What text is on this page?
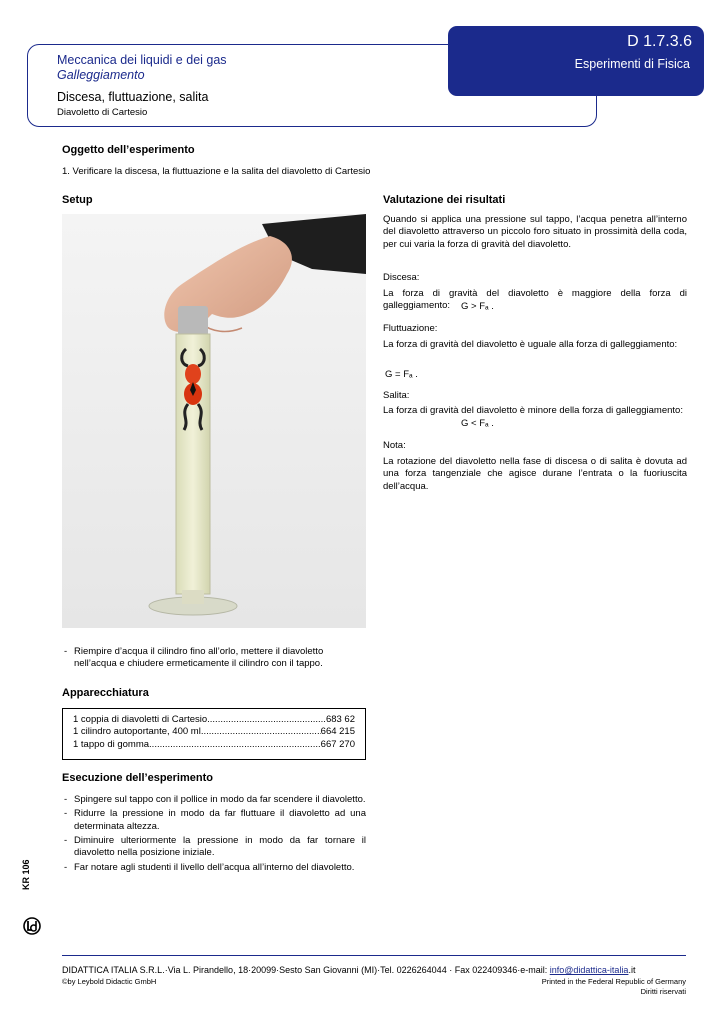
D 1.7.3.6
Esperimenti di Fisica
Meccanica dei liquidi e dei gas
Galleggiamento
Discesa, fluttuazione, salita
Diavoletto di Cartesio
Oggetto dell’esperimento
1. Verificare la discesa, la fluttuazione e la salita del diavoletto di Cartesio
Setup
- Riempire d’acqua il cilindro fino all’orlo, mettere il diavoletto nell’acqua e chiudere ermeticamente il cilindro con il tappo.
Apparecchiatura
1 coppia di diavoletti di Cartesio .....	683 62
1 cilindro autoportante, 400 ml .....	664 215
1 tappo di gomma .....	667 270
Esecuzione dell’esperimento
- Spingere sul tappo con il pollice in modo da far scendere il diavoletto.
- Ridurre la pressione in modo da far fluttuare il diavoletto ad una determinata altezza.
- Diminuire ulteriormente la pressione in modo da far tornare il diavoletto nella posizione iniziale.
- Far notare agli studenti il livello dell’acqua all’interno del diavoletto.
Valutazione dei risultati
Quando si applica una pressione sul tappo, l’acqua penetra all’interno del diavoletto attraverso un piccolo foro situato in prossimità della coda, per cui varia la forza di gravità del diavoletto.
Discesa:
La forza di gravità del diavoletto è maggiore della forza di galleggiamento:	G > Fₐ .
Fluttuazione:
La forza di gravità del diavoletto è uguale alla forza di galleggiamento:
G = Fₐ .
Salita:
La forza di gravità del diavoletto è minore della forza di galleggiamento:
G < Fₐ .
Nota:
La rotazione del diavoletto nella fase di discesa o di salita è dovuta ad una forza tangenziale che agisce durane l’entrata o la fuoriuscita dell’acqua.
KR 106
DIDATTICA ITALIA S.R.L.·Via L. Pirandello, 18·20099·Sesto San Giovanni (MI)·Tel. 0226264044 · Fax 022409346·e-mail: info@didattica-italia.it
©by Leybold Didactic GmbH	Printed in the Federal Republic of Germany
Diritti riservati
